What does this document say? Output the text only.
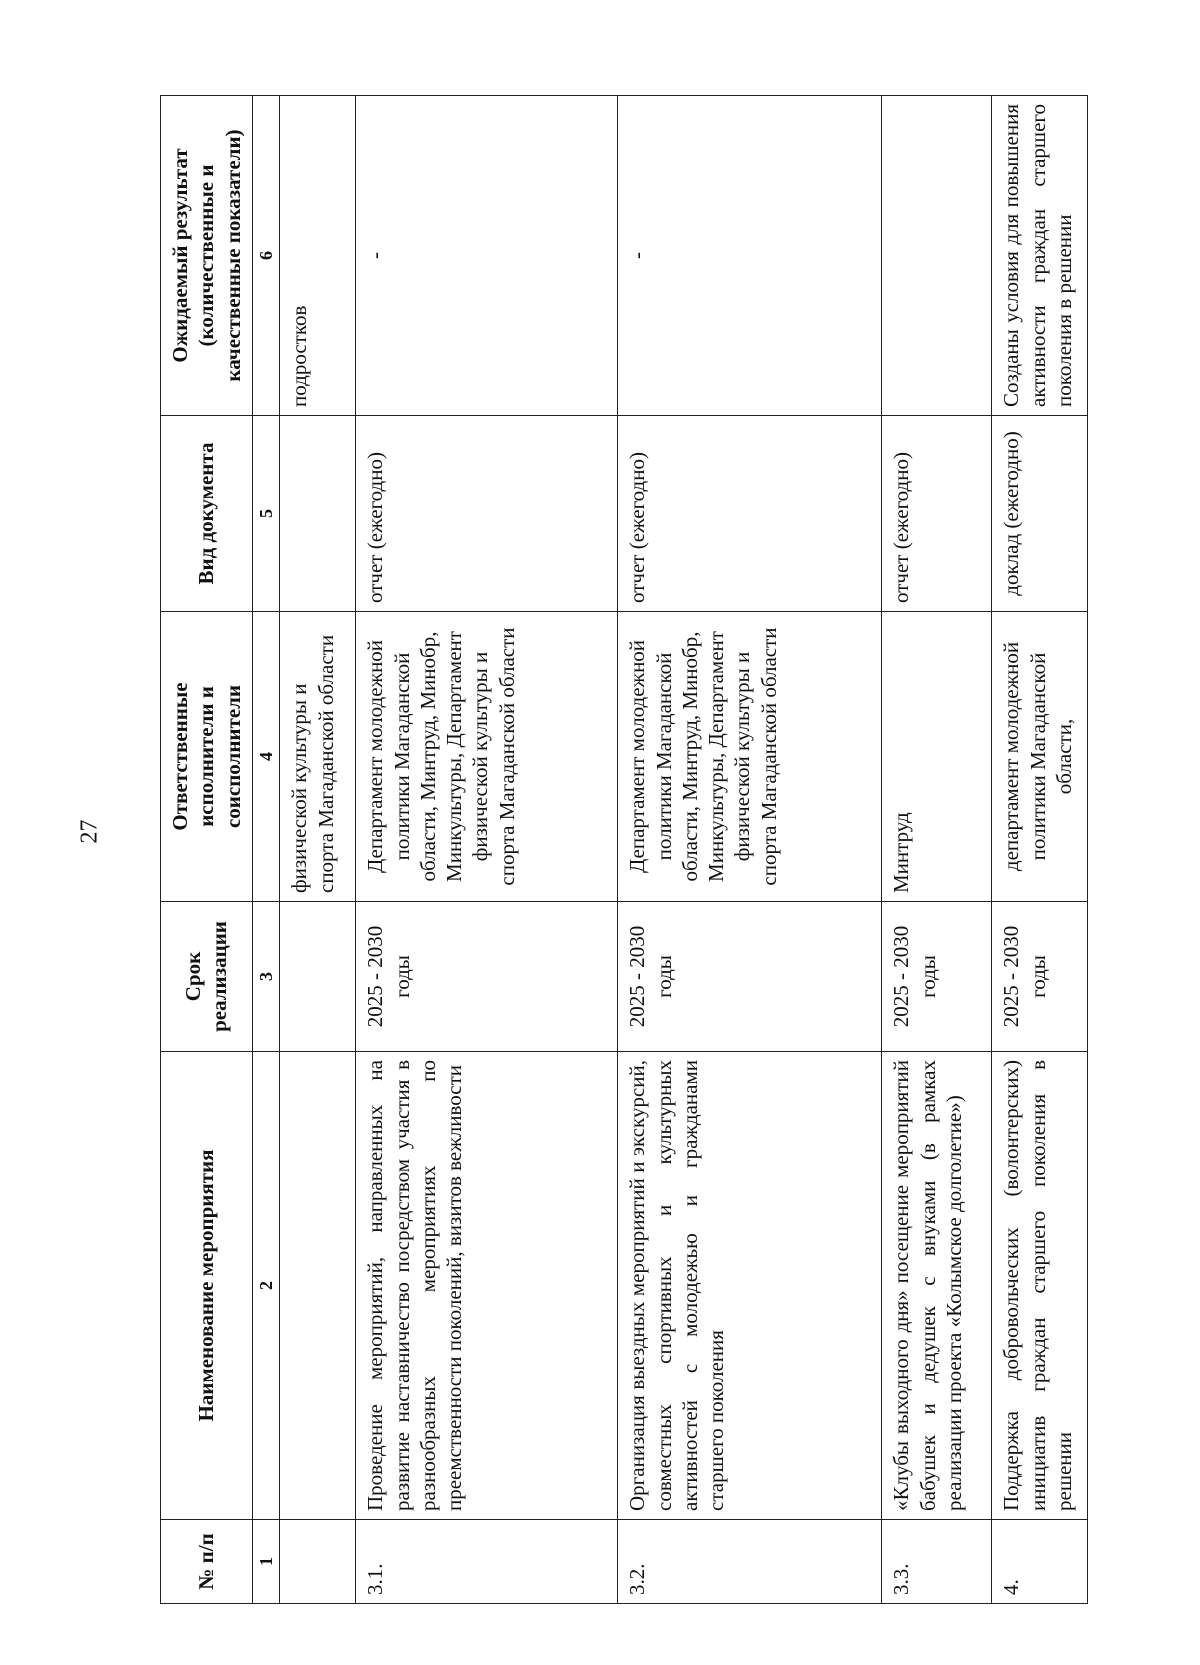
27
№ п/п	Наименование мероприятия	Срок реализации	Ответственные исполнители и соисполнители	Вид документа	Ожидаемый результат (количественные и качественные показатели)
1	2	3	4	5	6
			физической культуры и спорта Магаданской области		подростков
3.1.	Проведение мероприятий, направленных на развитие наставничество посредством участия в разнообразных мероприятиях по преемственности поколений, визитов вежливости	2025 - 2030 годы	Департамент молодежной политики Магаданской области, Минтруд, Минобр, Минкультуры, Департамент физической культуры и спорта Магаданской области	отчет (ежегодно)	-
3.2.	Организация выездных мероприятий и экскурсий, совместных спортивных и культурных активностей с молодежью и гражданами старшего поколения	2025 - 2030 годы	Департамент молодежной политики Магаданской области, Минтруд, Минобр, Минкультуры, Департамент физической культуры и спорта Магаданской области	отчет (ежегодно)	-
3.3.	«Клубы выходного дня» посещение мероприятий бабушек и дедушек с внуками (в рамках реализации проекта «Колымское долголетие»)	2025 - 2030 годы	Минтруд	отчет (ежегодно)	
4.	Поддержка добровольческих (волонтерских) инициатив граждан старшего поколения в решении	2025 - 2030 годы	департамент молодежной политики Магаданской области,	доклад (ежегодно)	Созданы условия для повышения активности граждан старшего поколения в решении
